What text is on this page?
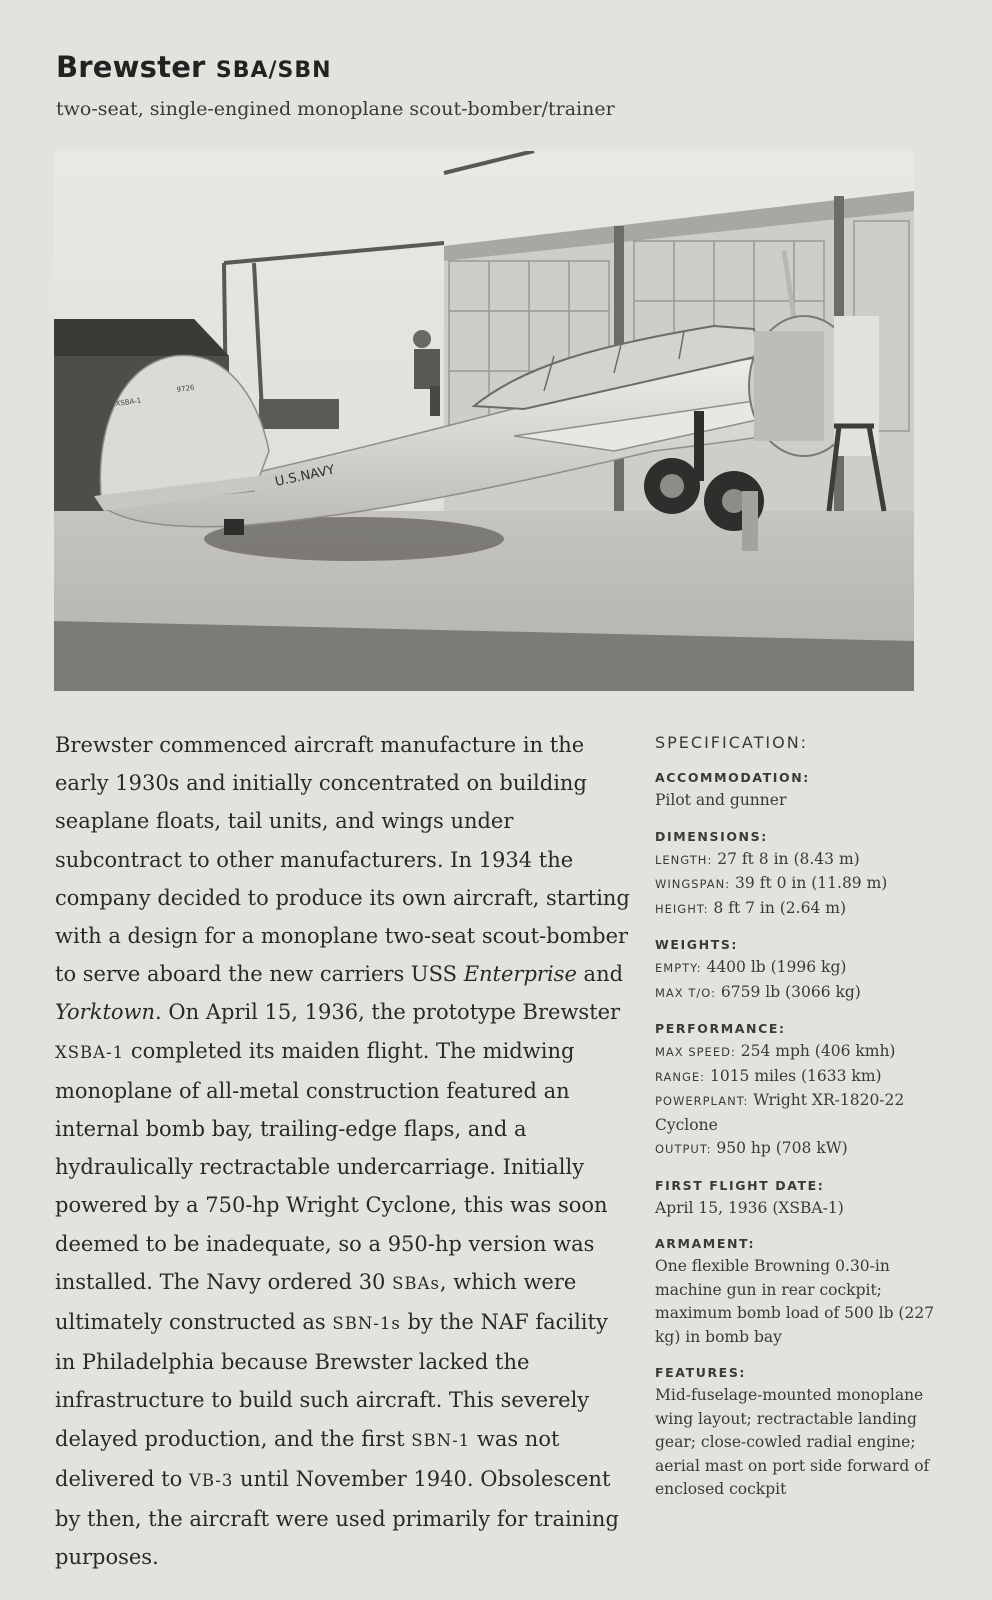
Brewster SBA/SBN

two-seat, single-engined monoplane scout-bomber/trainer

U.S.NAVY
XSBA-1
9726

Brewster commenced aircraft manufacture in the early 1930s and initially concentrated on building seaplane floats, tail units, and wings under subcontract to other manufacturers. In 1934 the company decided to produce its own aircraft, starting with a design for a monoplane two-seat scout-bomber to serve aboard the new carriers USS Enterprise and Yorktown. On April 15, 1936, the prototype Brewster XSBA-1 completed its maiden flight. The midwing monoplane of all-metal construction featured an internal bomb bay, trailing-edge flaps, and a hydraulically rectractable undercarriage. Initially powered by a 750-hp Wright Cyclone, this was soon deemed to be inadequate, so a 950-hp version was installed. The Navy ordered 30 SBAs, which were ultimately constructed as SBN-1s by the NAF facility in Philadelphia because Brewster lacked the infrastructure to build such aircraft. This severely delayed production, and the first SBN-1 was not delivered to VB-3 until November 1940. Obsolescent by then, the aircraft were used primarily for training purposes.

SPECIFICATION:

ACCOMMODATION:

Pilot and gunner

DIMENSIONS:

LENGTH: 27 ft 8 in (8.43 m)

WINGSPAN: 39 ft 0 in (11.89 m)

HEIGHT: 8 ft 7 in (2.64 m)

WEIGHTS:

EMPTY: 4400 lb (1996 kg)

MAX T/O: 6759 lb (3066 kg)

PERFORMANCE:

MAX SPEED: 254 mph (406 kmh)

RANGE: 1015 miles (1633 km)

POWERPLANT: Wright XR-1820-22 Cyclone

OUTPUT: 950 hp (708 kW)

FIRST FLIGHT DATE:

April 15, 1936 (XSBA-1)

ARMAMENT:

One flexible Browning 0.30-in machine gun in rear cockpit; maximum bomb load of 500 lb (227 kg) in bomb bay

FEATURES:

Mid-fuselage-mounted monoplane wing layout; rectractable landing gear; close-cowled radial engine; aerial mast on port side forward of enclosed cockpit
